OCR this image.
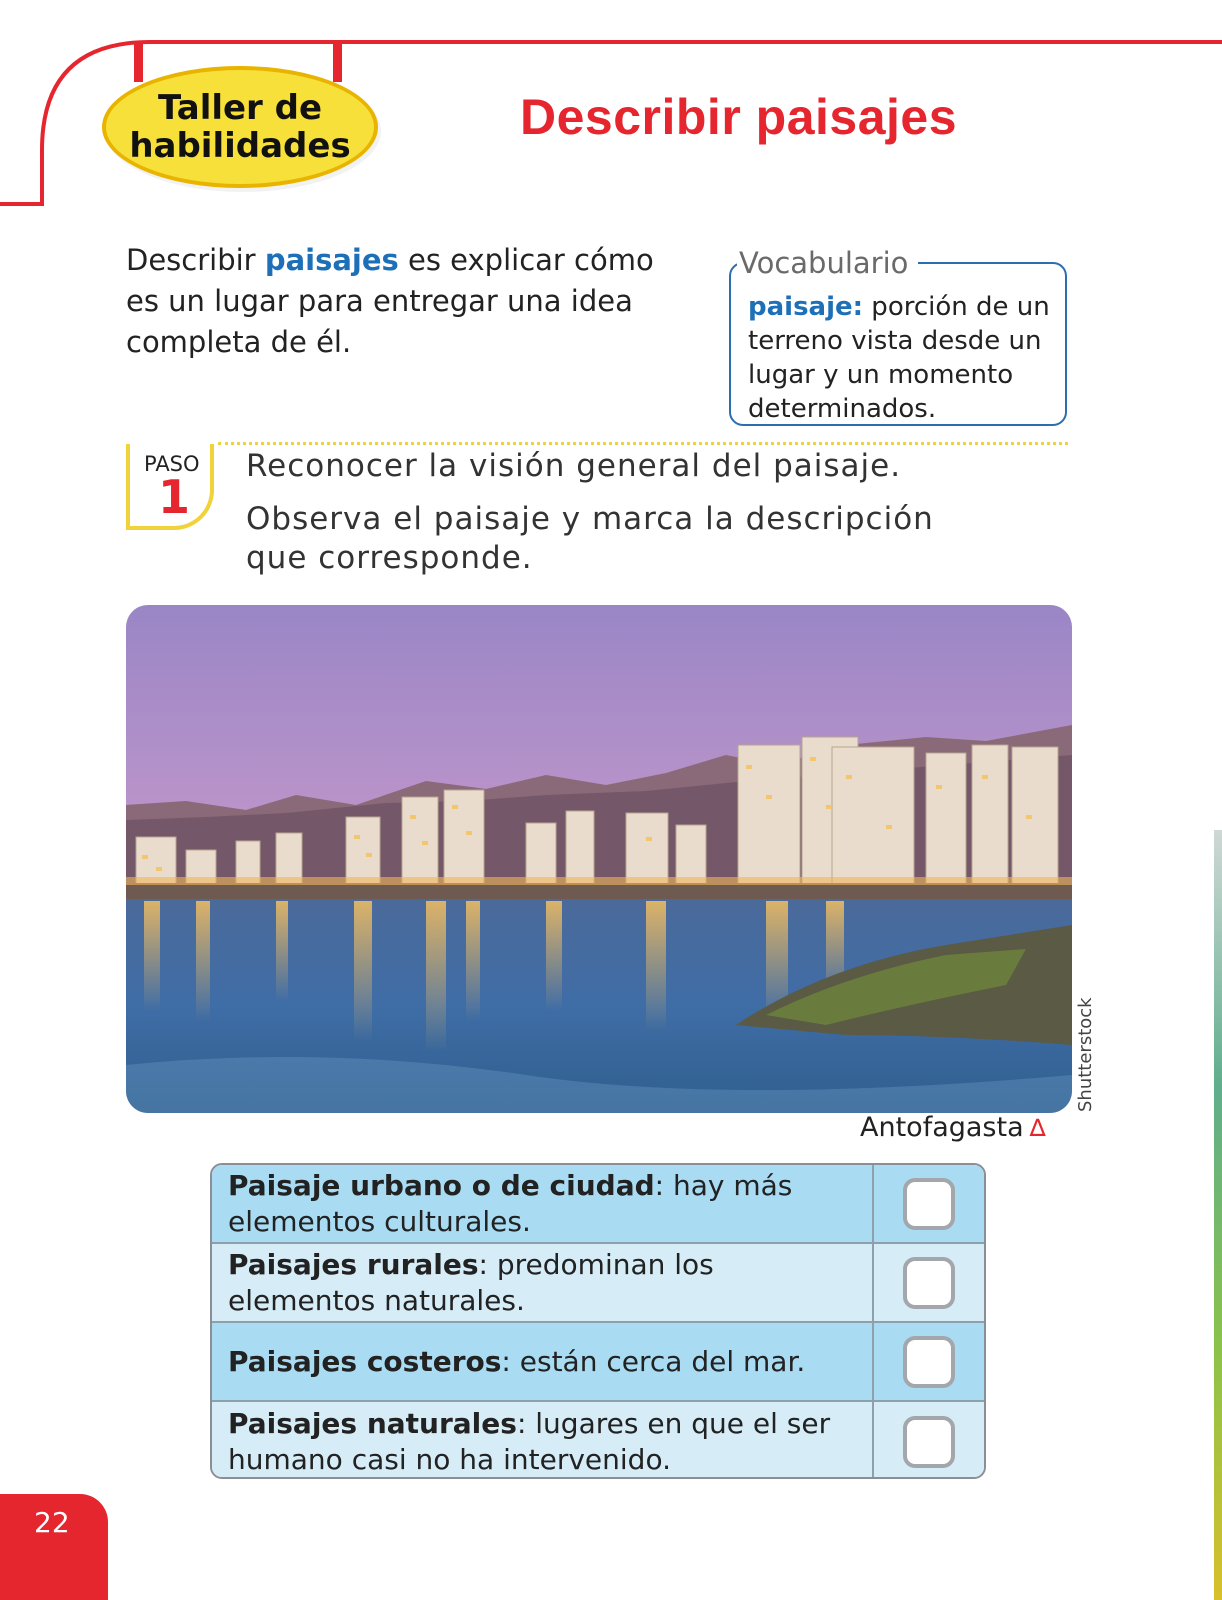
Taller de
habilidades
Describir paisajes
Describir paisajes es explicar cómo es un lugar para entregar una idea completa de él.
Vocabulario
paisaje: porción de un terreno vista desde un lugar y un momento determinados.
PASO
1
Reconocer la visión general del paisaje.
Observa el paisaje y marca la descripción que corresponde.
Shutterstock
Antofagasta ∆
Paisaje urbano o de ciudad: hay más elementos culturales.
Paisajes rurales: predominan los elementos naturales.
Paisajes costeros: están cerca del mar.
Paisajes naturales: lugares en que el ser humano casi no ha intervenido.
22
